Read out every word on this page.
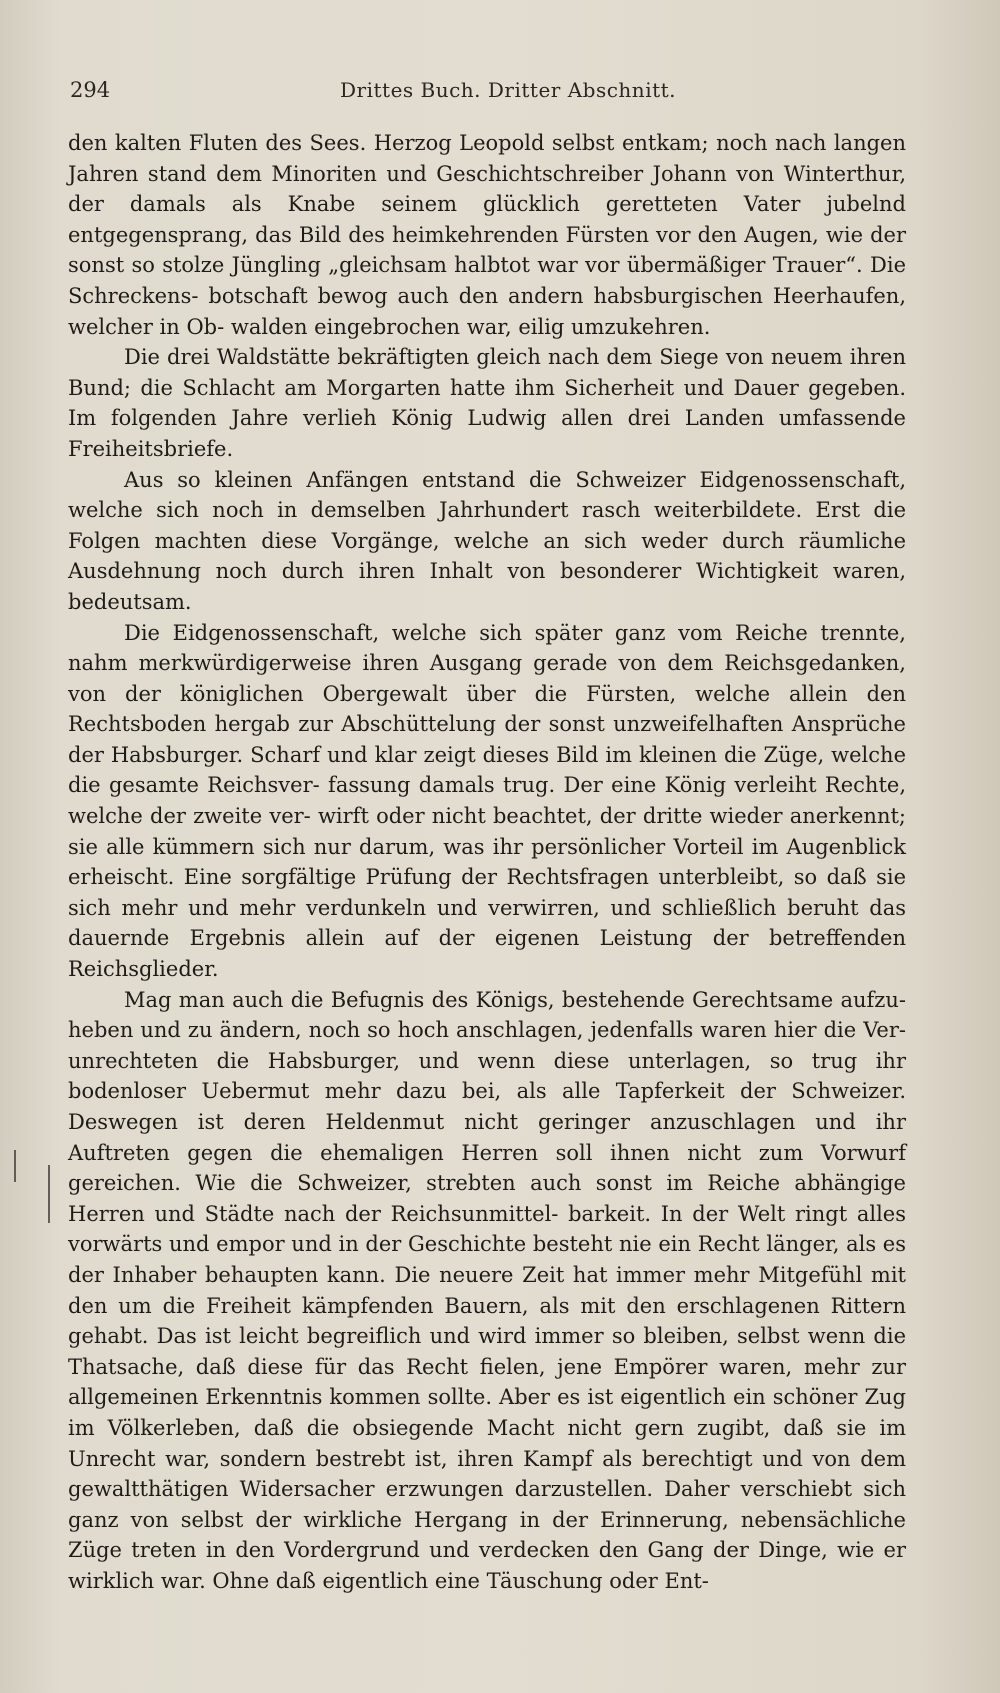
294	Drittes Buch. Dritter Abschnitt.

den kalten Fluten des Sees. Herzog Leopold selbst entkam; noch nach langen Jahren stand dem Minoriten und Geschichtschreiber Johann von Winterthur, der damals als Knabe seinem glücklich geretteten Vater jubelnd entgegensprang, das Bild des heimkehrenden Fürsten vor den Augen, wie der sonst so stolze Jüngling „gleichsam halbtot war vor übermäßiger Trauer“. Die Schreckens- botschaft bewog auch den andern habsburgischen Heerhaufen, welcher in Ob- walden eingebrochen war, eilig umzukehren.

Die drei Waldstätte bekräftigten gleich nach dem Siege von neuem ihren Bund; die Schlacht am Morgarten hatte ihm Sicherheit und Dauer gegeben. Im folgenden Jahre verlieh König Ludwig allen drei Landen umfassende Freiheitsbriefe.

Aus so kleinen Anfängen entstand die Schweizer Eidgenossenschaft, welche sich noch in demselben Jahrhundert rasch weiterbildete. Erst die Folgen machten diese Vorgänge, welche an sich weder durch räumliche Ausdehnung noch durch ihren Inhalt von besonderer Wichtigkeit waren, bedeutsam.

Die Eidgenossenschaft, welche sich später ganz vom Reiche trennte, nahm merkwürdigerweise ihren Ausgang gerade von dem Reichsgedanken, von der königlichen Obergewalt über die Fürsten, welche allein den Rechtsboden hergab zur Abschüttelung der sonst unzweifelhaften Ansprüche der Habsburger. Scharf und klar zeigt dieses Bild im kleinen die Züge, welche die gesamte Reichsver- fassung damals trug. Der eine König verleiht Rechte, welche der zweite ver- wirft oder nicht beachtet, der dritte wieder anerkennt; sie alle kümmern sich nur darum, was ihr persönlicher Vorteil im Augenblick erheischt. Eine sorgfältige Prüfung der Rechtsfragen unterbleibt, so daß sie sich mehr und mehr verdunkeln und verwirren, und schließlich beruht das dauernde Ergebnis allein auf der eigenen Leistung der betreffenden Reichsglieder.

Mag man auch die Befugnis des Königs, bestehende Gerechtsame aufzu- heben und zu ändern, noch so hoch anschlagen, jedenfalls waren hier die Ver- unrechteten die Habsburger, und wenn diese unterlagen, so trug ihr bodenloser Uebermut mehr dazu bei, als alle Tapferkeit der Schweizer. Deswegen ist deren Heldenmut nicht geringer anzuschlagen und ihr Auftreten gegen die ehemaligen Herren soll ihnen nicht zum Vorwurf gereichen. Wie die Schweizer, strebten auch sonst im Reiche abhängige Herren und Städte nach der Reichsunmittel- barkeit. In der Welt ringt alles vorwärts und empor und in der Geschichte besteht nie ein Recht länger, als es der Inhaber behaupten kann. Die neuere Zeit hat immer mehr Mitgefühl mit den um die Freiheit kämpfenden Bauern, als mit den erschlagenen Rittern gehabt. Das ist leicht begreiflich und wird immer so bleiben, selbst wenn die Thatsache, daß diese für das Recht fielen, jene Empörer waren, mehr zur allgemeinen Erkenntnis kommen sollte. Aber es ist eigentlich ein schöner Zug im Völkerleben, daß die obsiegende Macht nicht gern zugibt, daß sie im Unrecht war, sondern bestrebt ist, ihren Kampf als berechtigt und von dem gewaltthätigen Widersacher erzwungen darzustellen. Daher verschiebt sich ganz von selbst der wirkliche Hergang in der Erinnerung, nebensächliche Züge treten in den Vordergrund und verdecken den Gang der Dinge, wie er wirklich war. Ohne daß eigentlich eine Täuschung oder Ent-
